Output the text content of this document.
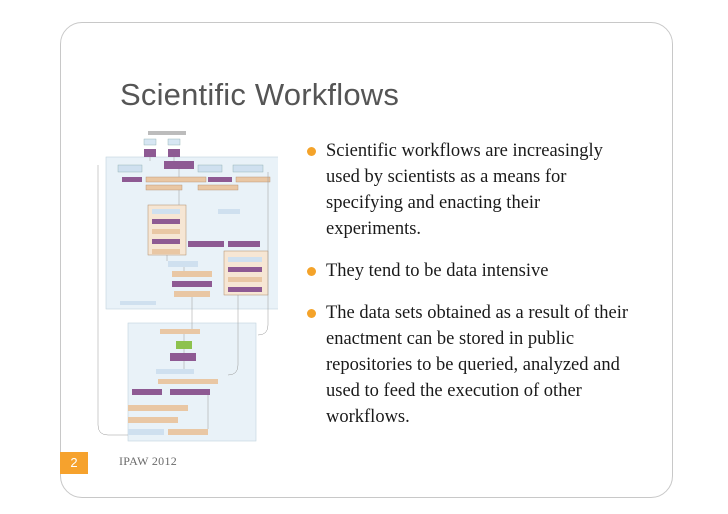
Scientific Workflows
Scientific workflows are increasingly used by scientists as a means for specifying and enacting their experiments.
They tend to be data intensive
The data sets obtained as a result of their enactment can be stored in public repositories to be queried, analyzed and used to feed the execution of other workflows.
2	IPAW 2012
